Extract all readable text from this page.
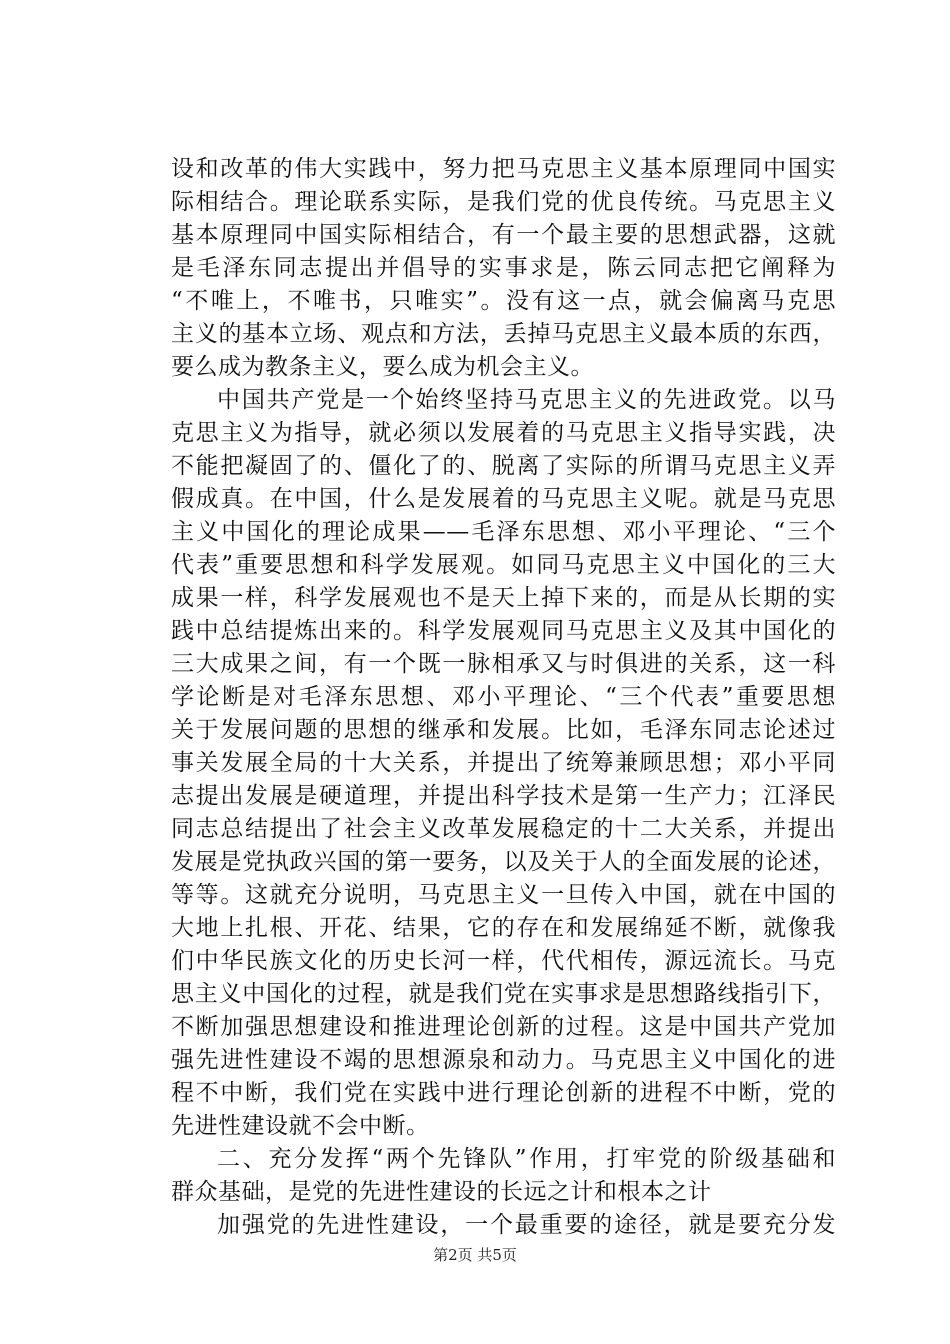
设和改革的伟大实践中，努力把马克思主义基本原理同中国实
际相结合。理论联系实际，是我们党的优良传统。马克思主义
基本原理同中国实际相结合，有一个最主要的思想武器，这就
是毛泽东同志提出并倡导的实事求是，陈云同志把它阐释为
“不唯上，不唯书，只唯实”。没有这一点，就会偏离马克思
主义的基本立场、观点和方法，丢掉马克思主义最本质的东西，
要么成为教条主义，要么成为机会主义。
中国共产党是一个始终坚持马克思主义的先进政党。以马
克思主义为指导，就必须以发展着的马克思主义指导实践，决
不能把凝固了的、僵化了的、脱离了实际的所谓马克思主义弄
假成真。在中国，什么是发展着的马克思主义呢。就是马克思
主义中国化的理论成果——毛泽东思想、邓小平理论、“三个
代表”重要思想和科学发展观。如同马克思主义中国化的三大
成果一样，科学发展观也不是天上掉下来的，而是从长期的实
践中总结提炼出来的。科学发展观同马克思主义及其中国化的
三大成果之间，有一个既一脉相承又与时俱进的关系，这一科
学论断是对毛泽东思想、邓小平理论、“三个代表”重要思想
关于发展问题的思想的继承和发展。比如，毛泽东同志论述过
事关发展全局的十大关系，并提出了统筹兼顾思想；邓小平同
志提出发展是硬道理，并提出科学技术是第一生产力；江泽民
同志总结提出了社会主义改革发展稳定的十二大关系，并提出
发展是党执政兴国的第一要务，以及关于人的全面发展的论述，
等等。这就充分说明，马克思主义一旦传入中国，就在中国的
大地上扎根、开花、结果，它的存在和发展绵延不断，就像我
们中华民族文化的历史长河一样，代代相传，源远流长。马克
思主义中国化的过程，就是我们党在实事求是思想路线指引下，
不断加强思想建设和推进理论创新的过程。这是中国共产党加
强先进性建设不竭的思想源泉和动力。马克思主义中国化的进
程不中断，我们党在实践中进行理论创新的进程不中断，党的
先进性建设就不会中断。
二、充分发挥“两个先锋队”作用，打牢党的阶级基础和
群众基础，是党的先进性建设的长远之计和根本之计
加强党的先进性建设，一个最重要的途径，就是要充分发
第2页 共5页
